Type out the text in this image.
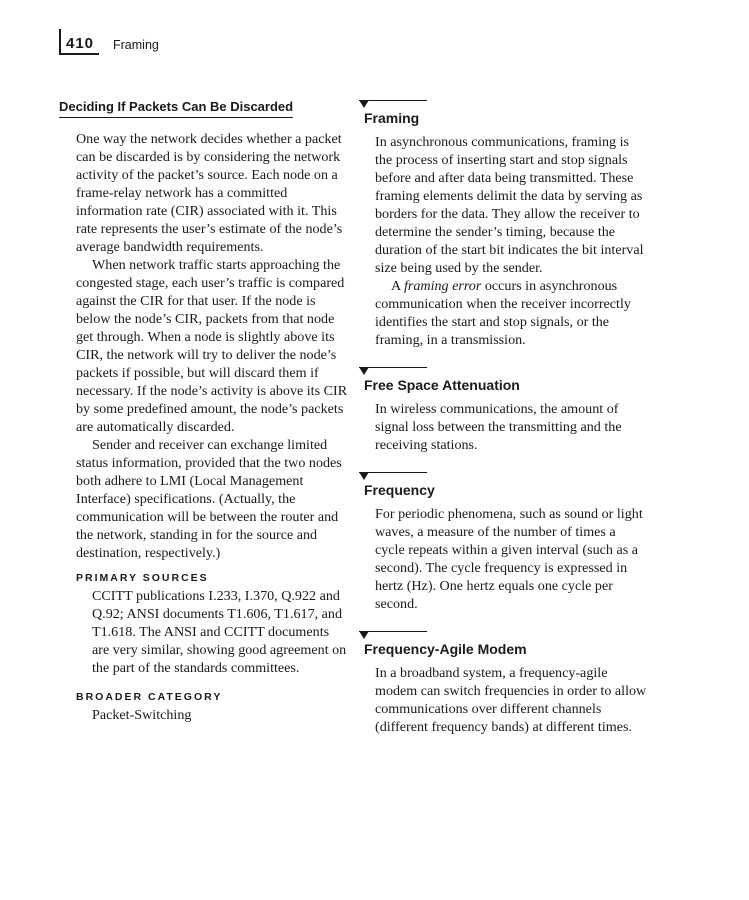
410 Framing
Deciding If Packets Can Be Discarded

One way the network decides whether a packet can be discarded is by considering the network activity of the packet’s source. Each node on a frame-relay network has a committed information rate (CIR) associated with it. This rate represents the user’s estimate of the node’s average bandwidth requirements.

When network traffic starts approaching the congested stage, each user’s traffic is compared against the CIR for that user. If the node is below the node’s CIR, packets from that node get through. When a node is slightly above its CIR, the network will try to deliver the node’s packets if possible, but will discard them if necessary. If the node’s activity is above its CIR by some predefined amount, the node’s packets are automatically discarded.

Sender and receiver can exchange limited status information, provided that the two nodes both adhere to LMI (Local Management Interface) specifications. (Actually, the communication will be between the router and the network, standing in for the source and destination, respectively.)

PRIMARY SOURCES
CCITT publications I.233, I.370, Q.922 and Q.92; ANSI documents T1.606, T1.617, and T1.618. The ANSI and CCITT documents are very similar, showing good agreement on the part of the standards committees.
BROADER CATEGORY
Packet-Switching
Framing

In asynchronous communications, framing is the process of inserting start and stop signals before and after data being transmitted. These framing elements delimit the data by serving as borders for the data. They allow the receiver to determine the sender’s timing, because the duration of the start bit indicates the bit interval size being used by the sender.

A framing error occurs in asynchronous communication when the receiver incorrectly identifies the start and stop signals, or the framing, in a transmission.

Free Space Attenuation

In wireless communications, the amount of signal loss between the transmitting and the receiving stations.

Frequency

For periodic phenomena, such as sound or light waves, a measure of the number of times a cycle repeats within a given interval (such as a second). The cycle frequency is expressed in hertz (Hz). One hertz equals one cycle per second.

Frequency-Agile Modem

In a broadband system, a frequency-agile modem can switch frequencies in order to allow communications over different channels (different frequency bands) at different times.
